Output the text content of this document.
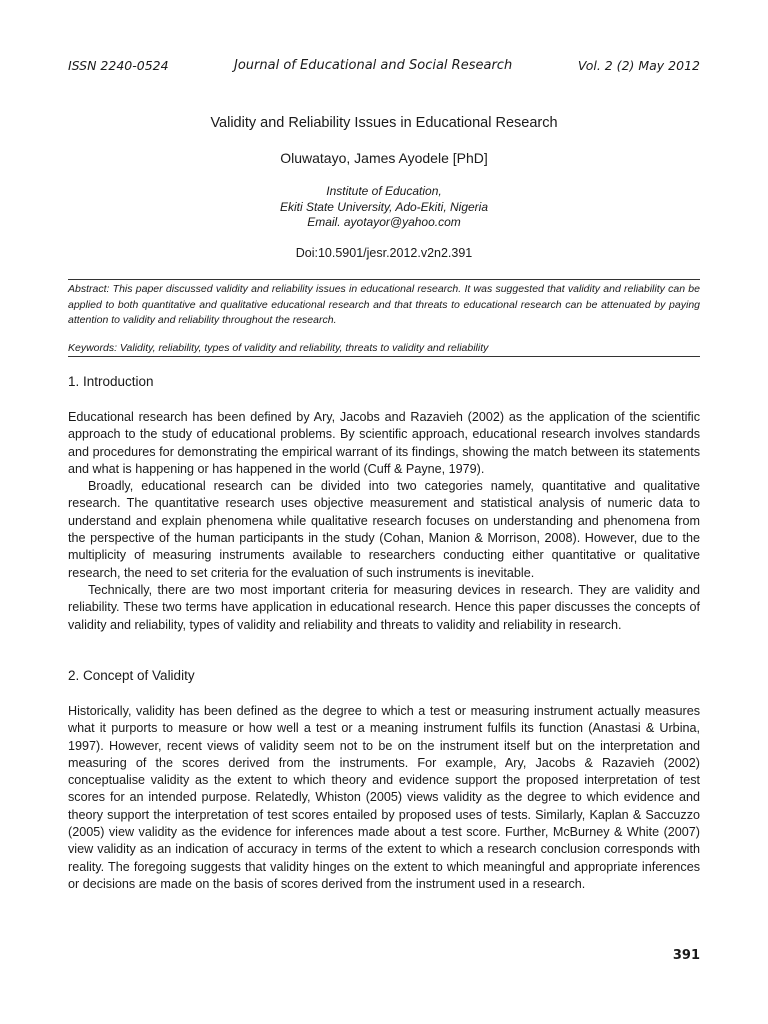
ISSN 2240-0524	Journal of Educational and Social Research	Vol. 2 (2) May 2012
Validity and Reliability Issues in Educational Research
Oluwatayo, James Ayodele [PhD]
Institute of Education,
Ekiti State University, Ado-Ekiti, Nigeria
Email. ayotayor@yahoo.com
Doi:10.5901/jesr.2012.v2n2.391
Abstract: This paper discussed validity and reliability issues in educational research. It was suggested that validity and reliability can be applied to both quantitative and qualitative educational research and that threats to educational research can be attenuated by paying attention to validity and reliability throughout the research.
Keywords: Validity, reliability, types of validity and reliability, threats to validity and reliability
1. Introduction

Educational research has been defined by Ary, Jacobs and Razavieh (2002) as the application of the scientific approach to the study of educational problems. By scientific approach, educational research involves standards and procedures for demonstrating the empirical warrant of its findings, showing the match between its statements and what is happening or has happened in the world (Cuff & Payne, 1979).

Broadly, educational research can be divided into two categories namely, quantitative and qualitative research. The quantitative research uses objective measurement and statistical analysis of numeric data to understand and explain phenomena while qualitative research focuses on understanding and phenomena from the perspective of the human participants in the study (Cohan, Manion & Morrison, 2008). However, due to the multiplicity of measuring instruments available to researchers conducting either quantitative or qualitative research, the need to set criteria for the evaluation of such instruments is inevitable.

Technically, there are two most important criteria for measuring devices in research. They are validity and reliability. These two terms have application in educational research. Hence this paper discusses the concepts of validity and reliability, types of validity and reliability and threats to validity and reliability in research.

2. Concept of Validity

Historically, validity has been defined as the degree to which a test or measuring instrument actually measures what it purports to measure or how well a test or a meaning instrument fulfils its function (Anastasi & Urbina, 1997). However, recent views of validity seem not to be on the instrument itself but on the interpretation and measuring of the scores derived from the instruments. For example, Ary, Jacobs & Razavieh (2002) conceptualise validity as the extent to which theory and evidence support the proposed interpretation of test scores for an intended purpose. Relatedly, Whiston (2005) views validity as the degree to which evidence and theory support the interpretation of test scores entailed by proposed uses of tests. Similarly, Kaplan & Saccuzzo (2005) view validity as the evidence for inferences made about a test score. Further, McBurney & White (2007) view validity as an indication of accuracy in terms of the extent to which a research conclusion corresponds with reality. The foregoing suggests that validity hinges on the extent to which meaningful and appropriate inferences or decisions are made on the basis of scores derived from the instrument used in a research.

391
